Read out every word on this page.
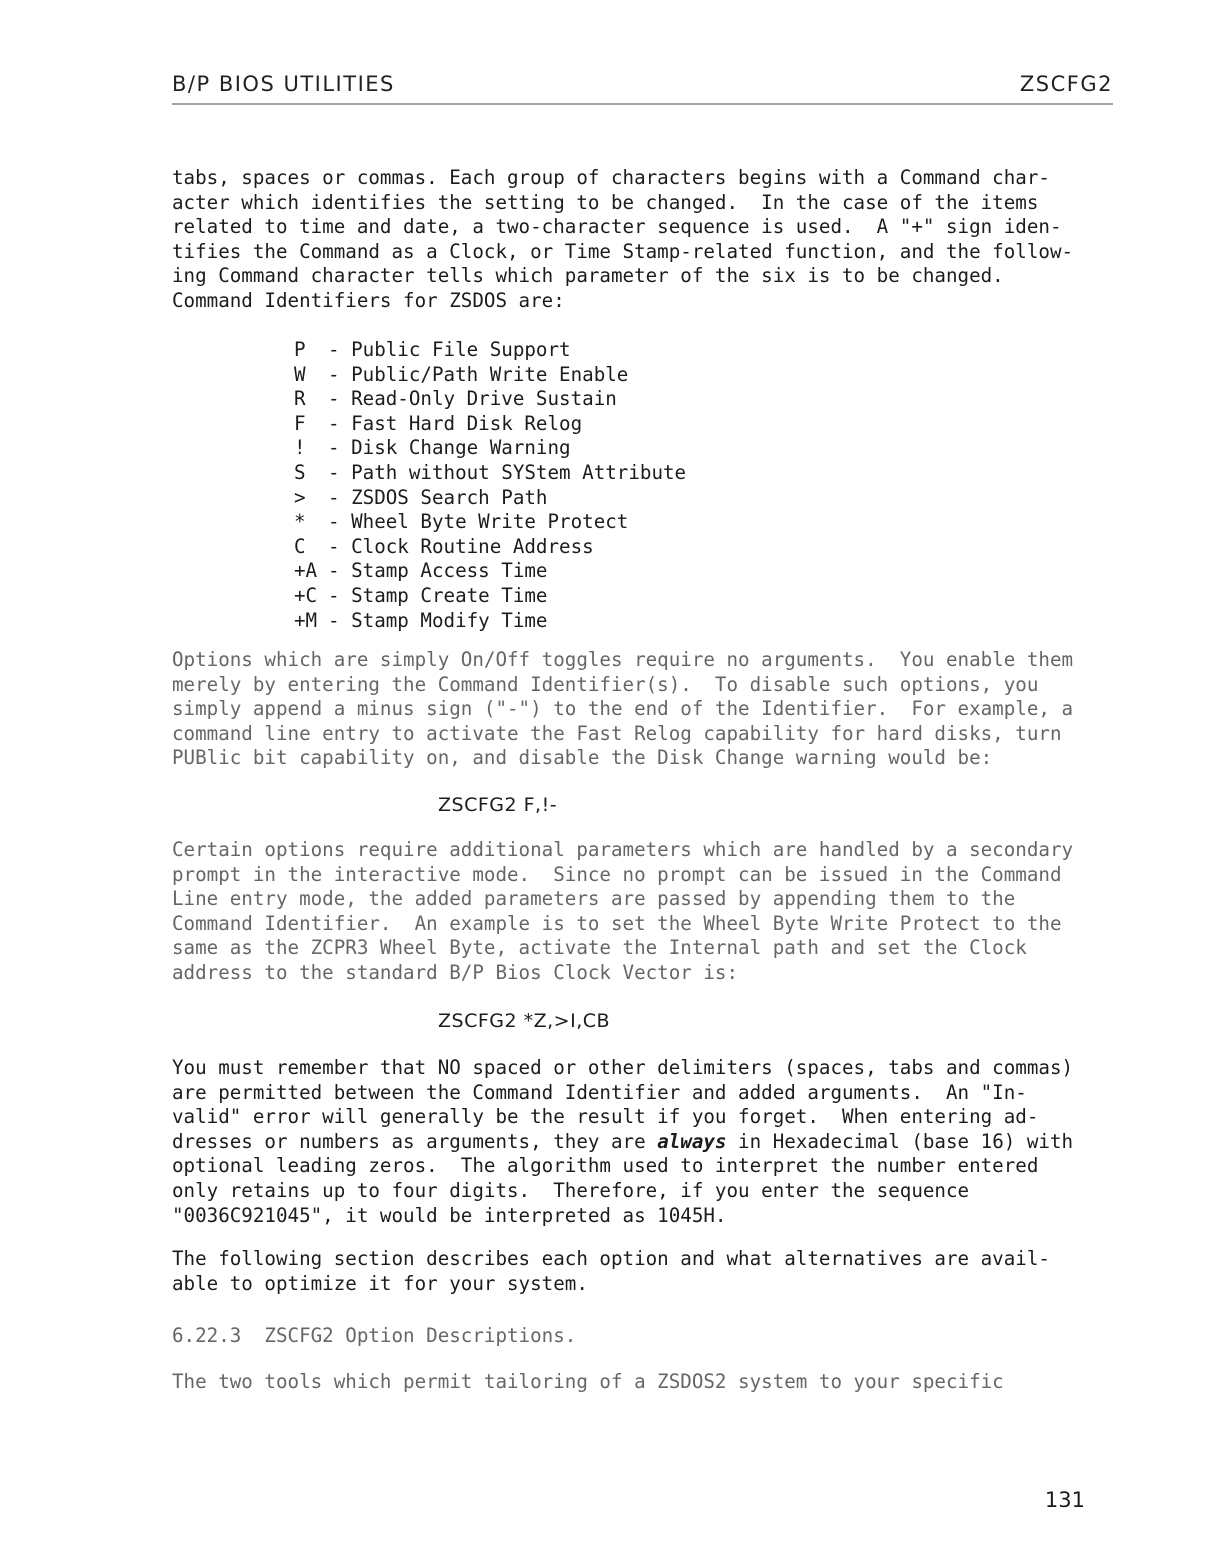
B/P BIOS UTILITIES	ZSCFG2

tabs, spaces or commas. Each group of characters begins with a Command char-
acter which identifies the setting to be changed.  In the case of the items
related to time and date, a two-character sequence is used.  A "+" sign iden-
tifies the Command as a Clock, or Time Stamp-related function, and the follow-
ing Command character tells which parameter of the six is to be changed.
Command Identifiers for ZSDOS are:

P	- Public File Support
W	- Public/Path Write Enable
R	- Read-Only Drive Sustain
F	- Fast Hard Disk Relog
!	- Disk Change Warning
S	- Path without SYStem Attribute
>	- ZSDOS Search Path
*	- Wheel Byte Write Protect
C	- Clock Routine Address
+A - Stamp Access Time
+C - Stamp Create Time
+M - Stamp Modify Time

Options which are simply On/Off toggles require no arguments.  You enable them
merely by entering the Command Identifier(s).  To disable such options, you
simply append a minus sign ("-") to the end of the Identifier.  For example, a
command line entry to activate the Fast Relog capability for hard disks, turn
PUBlic bit capability on, and disable the Disk Change warning would be:

ZSCFG2 F,!-

Certain options require additional parameters which are handled by a secondary
prompt in the interactive mode.  Since no prompt can be issued in the Command
Line entry mode, the added parameters are passed by appending them to the
Command Identifier.  An example is to set the Wheel Byte Write Protect to the
same as the ZCPR3 Wheel Byte, activate the Internal path and set the Clock
address to the standard B/P Bios Clock Vector is:

ZSCFG2 *Z,>I,CB

You must remember that NO spaced or other delimiters (spaces, tabs and commas)
are permitted between the Command Identifier and added arguments.  An "In-
valid" error will generally be the result if you forget.  When entering ad-
dresses or numbers as arguments, they are always in Hexadecimal (base 16) with
optional leading zeros.  The algorithm used to interpret the number entered
only retains up to four digits.  Therefore, if you enter the sequence
"0036C921045", it would be interpreted as 1045H.

The following section describes each option and what alternatives are avail-
able to optimize it for your system.

6.22.3  ZSCFG2 Option Descriptions.

The two tools which permit tailoring of a ZSDOS2 system to your specific

131
